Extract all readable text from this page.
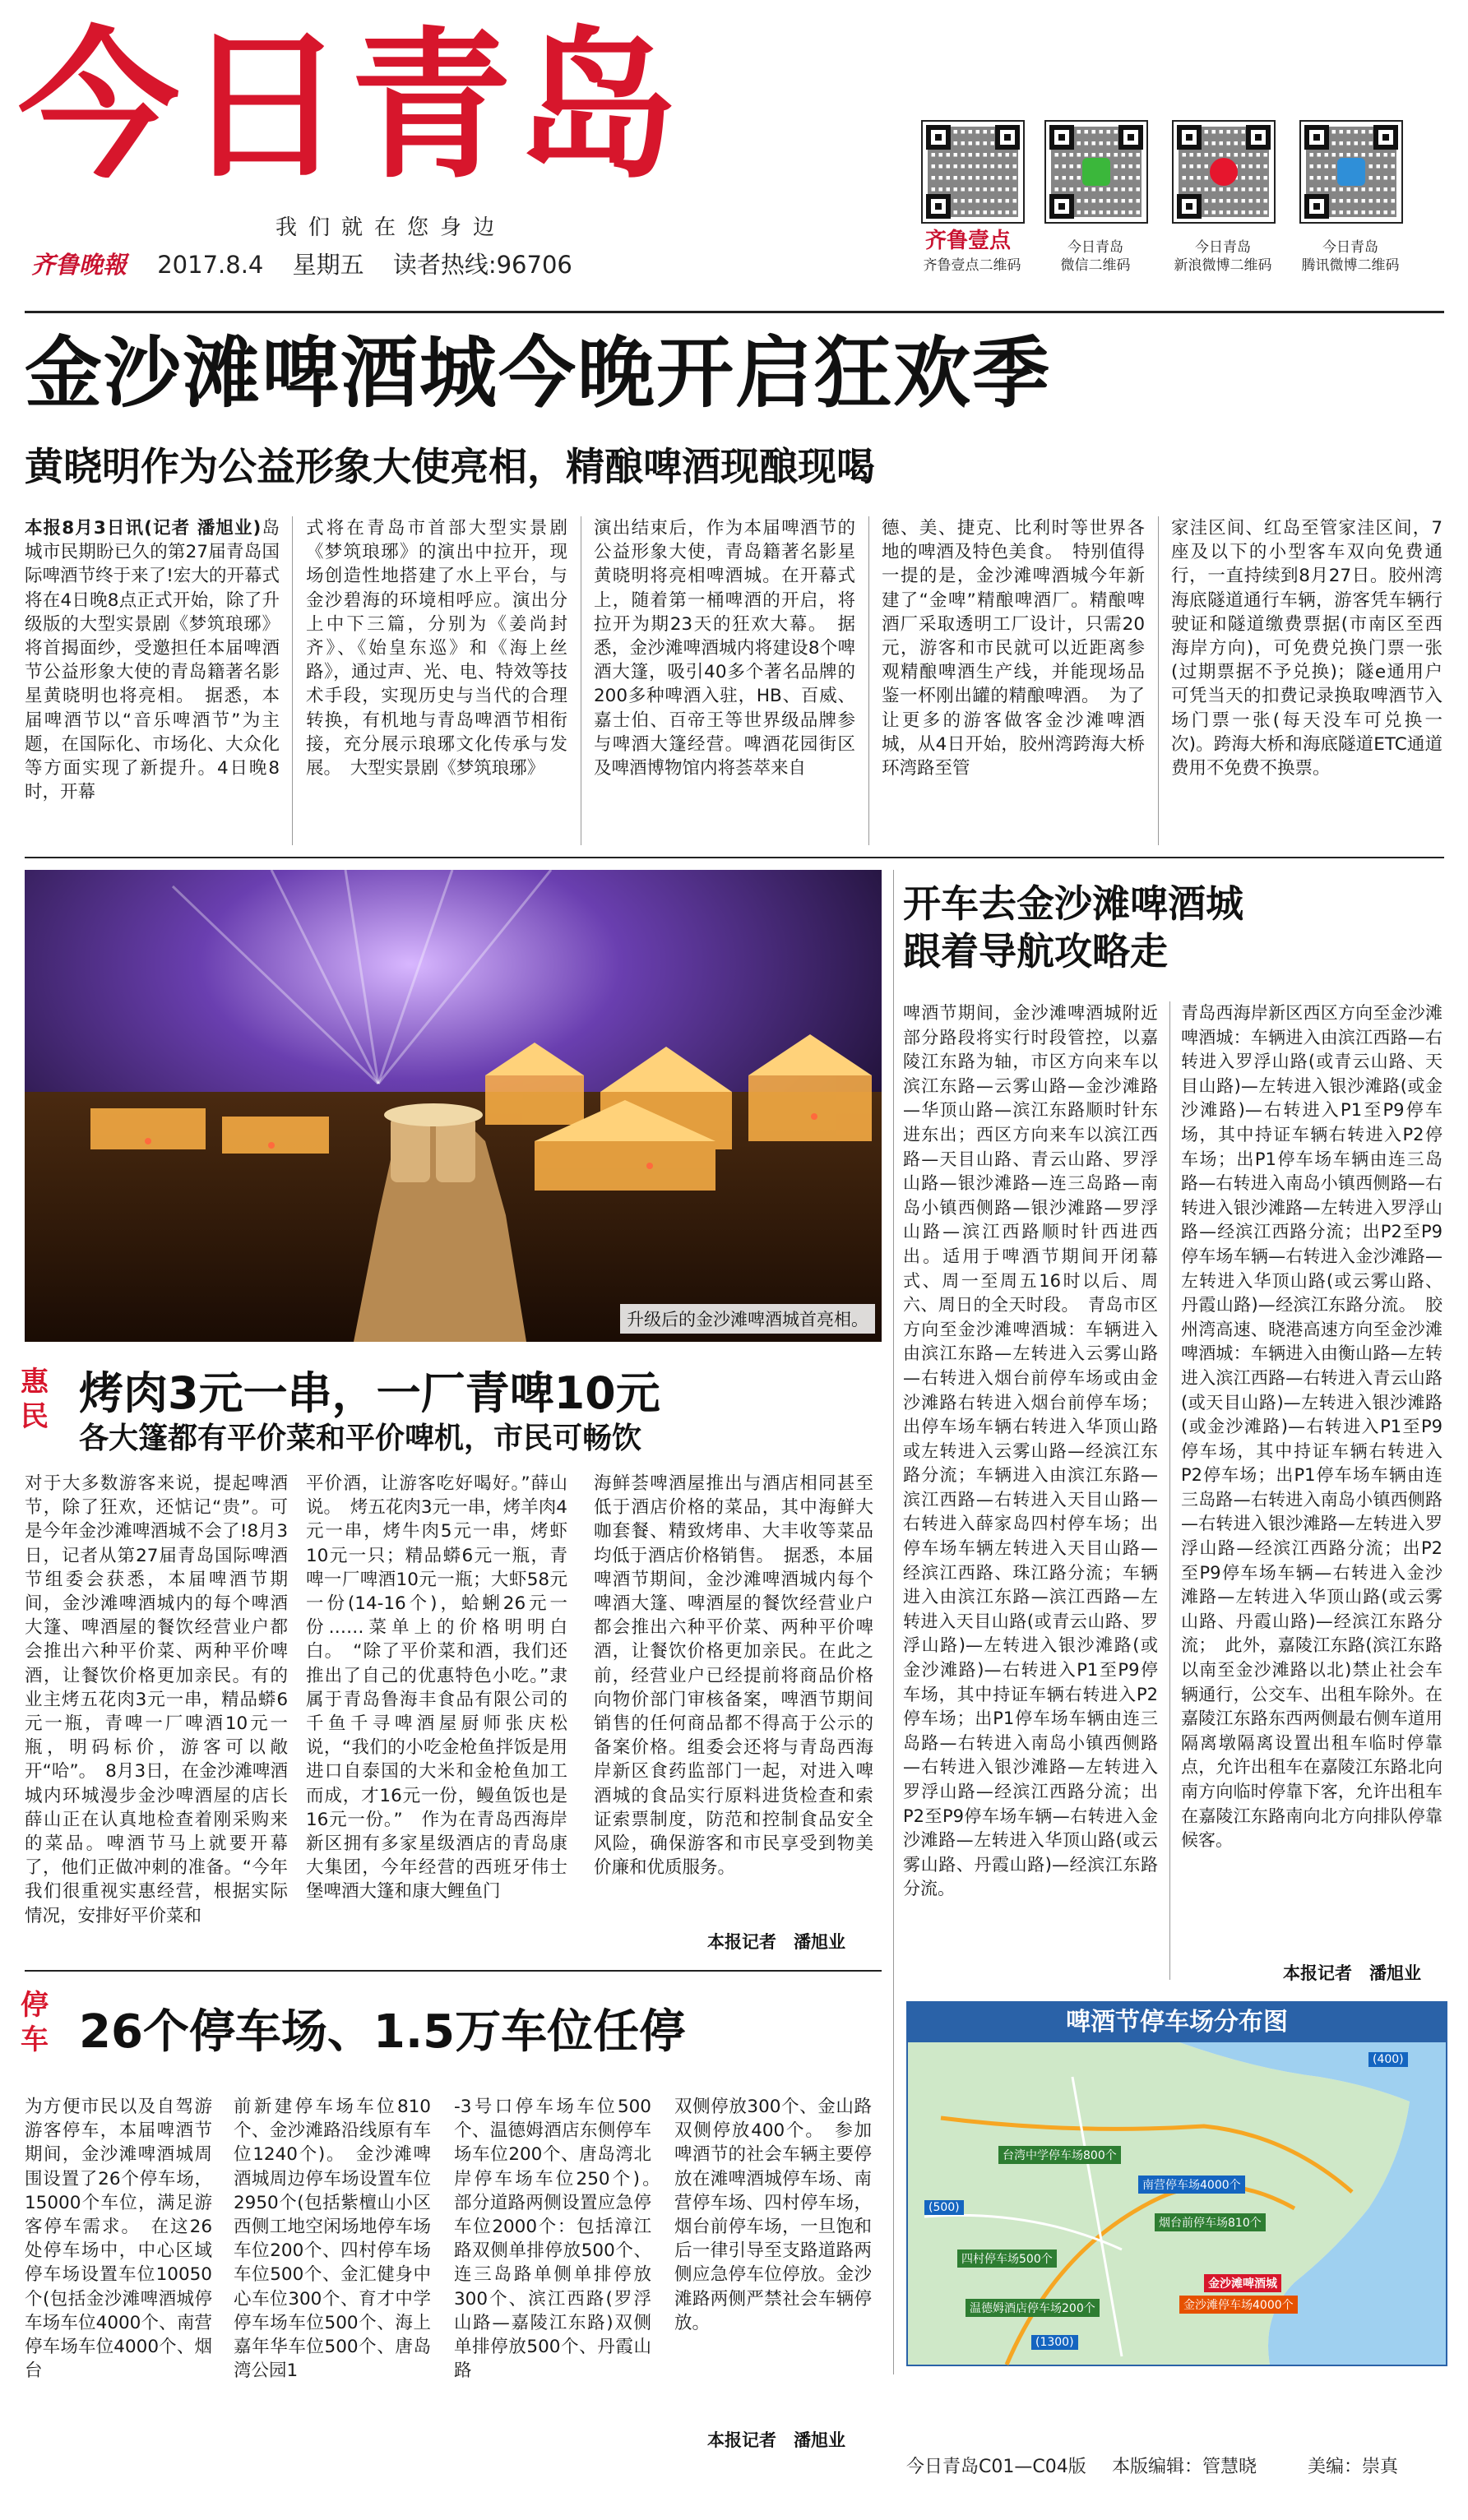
今日青岛
我们就在您身边
齐鲁晚報 2017.8.4 星期五 读者热线:96706
齐鲁壹点
齐鲁壹点二维码
今日青岛
微信二维码
今日青岛
新浪微博二维码
今日青岛
腾讯微博二维码
金沙滩啤酒城今晚开启狂欢季
黄晓明作为公益形象大使亮相，精酿啤酒现酿现喝

本报8月3日讯(记者 潘旭业)岛城市民期盼已久的第27届青岛国际啤酒节终于来了!宏大的开幕式将在4日晚8点正式开始，除了升级版的大型实景剧《梦筑琅琊》将首揭面纱，受邀担任本届啤酒节公益形象大使的青岛籍著名影星黄晓明也将亮相。　据悉，本届啤酒节以“音乐啤酒节”为主题，在国际化、市场化、大众化等方面实现了新提升。4日晚8时，开幕

式将在青岛市首部大型实景剧《梦筑琅琊》的演出中拉开，现场创造性地搭建了水上平台，与金沙碧海的环境相呼应。演出分上中下三篇，分别为《姜尚封齐》、《始皇东巡》和《海上丝路》，通过声、光、电、特效等技术手段，实现历史与当代的合理转换，有机地与青岛啤酒节相衔接，充分展示琅琊文化传承与发展。　大型实景剧《梦筑琅琊》
演出结束后，作为本届啤酒节的公益形象大使，青岛籍著名影星黄晓明将亮相啤酒城。在开幕式上，随着第一桶啤酒的开启，将拉开为期23天的狂欢大幕。　据悉，金沙滩啤酒城内将建设8个啤酒大篷，吸引40多个著名品牌的200多种啤酒入驻，HB、百威、嘉士伯、百帝王等世界级品牌参与啤酒大篷经营。啤酒花园街区及啤酒博物馆内将荟萃来自
德、美、捷克、比利时等世界各地的啤酒及特色美食。　特别值得一提的是，金沙滩啤酒城今年新建了“金啤”精酿啤酒厂。精酿啤酒厂采取透明工厂设计，只需20元，游客和市民就可以近距离参观精酿啤酒生产线，并能现场品鉴一杯刚出罐的精酿啤酒。　为了让更多的游客做客金沙滩啤酒城，从4日开始，胶州湾跨海大桥环湾路至管
家洼区间、红岛至管家洼区间，7座及以下的小型客车双向免费通行，一直持续到8月27日。胶州湾海底隧道通行车辆，游客凭车辆行驶证和隧道缴费票据(市南区至西海岸方向)，可免费兑换门票一张(过期票据不予兑换)；隧e通用户可凭当天的扣费记录换取啤酒节入场门票一张(每天没车可兑换一次)。跨海大桥和海底隧道ETC通道费用不免费不换票。
升级后的金沙滩啤酒城首亮相。
开车去金沙滩啤酒城
跟着导航攻略走
啤酒节期间，金沙滩啤酒城附近部分路段将实行时段管控，以嘉陵江东路为轴，市区方向来车以滨江东路—云雾山路—金沙滩路—华顶山路—滨江东路顺时针东进东出；西区方向来车以滨江西路—天目山路、青云山路、罗浮山路—银沙滩路—连三岛路—南岛小镇西侧路—银沙滩路—罗浮山路—滨江西路顺时针西进西出。适用于啤酒节期间开闭幕式、周一至周五16时以后、周六、周日的全天时段。　青岛市区方向至金沙滩啤酒城：车辆进入由滨江东路—左转进入云雾山路—右转进入烟台前停车场或由金沙滩路右转进入烟台前停车场；出停车场车辆右转进入华顶山路或左转进入云雾山路—经滨江东路分流；车辆进入由滨江东路—滨江西路—右转进入天目山路—右转进入薛家岛四村停车场；出停车场车辆左转进入天目山路—经滨江西路、珠江路分流；车辆进入由滨江东路—滨江西路—左转进入天目山路(或青云山路、罗浮山路)—左转进入银沙滩路(或金沙滩路)—右转进入P1至P9停车场，其中持证车辆右转进入P2停车场；出P1停车场车辆由连三岛路—右转进入南岛小镇西侧路—右转进入银沙滩路—左转进入罗浮山路—经滨江西路分流；出P2至P9停车场车辆—右转进入金沙滩路—左转进入华顶山路(或云雾山路、丹霞山路)—经滨江东路分流。
青岛西海岸新区西区方向至金沙滩啤酒城：车辆进入由滨江西路—右转进入罗浮山路(或青云山路、天目山路)—左转进入银沙滩路(或金沙滩路)—右转进入P1至P9停车场，其中持证车辆右转进入P2停车场；出P1停车场车辆由连三岛路—右转进入南岛小镇西侧路—右转进入银沙滩路—左转进入罗浮山路—经滨江西路分流；出P2至P9停车场车辆—右转进入金沙滩路—左转进入华顶山路(或云雾山路、丹霞山路)—经滨江东路分流。　胶州湾高速、晓港高速方向至金沙滩啤酒城：车辆进入由衡山路—左转进入滨江西路—右转进入青云山路(或天目山路)—左转进入银沙滩路(或金沙滩路)—右转进入P1至P9停车场，其中持证车辆右转进入P2停车场；出P1停车场车辆由连三岛路—右转进入南岛小镇西侧路—右转进入银沙滩路—左转进入罗浮山路—经滨江西路分流；出P2至P9停车场车辆—右转进入金沙滩路—左转进入华顶山路(或云雾山路、丹霞山路)—经滨江东路分流；　此外，嘉陵江东路(滨江东路以南至金沙滩路以北)禁止社会车辆通行，公交车、出租车除外。在嘉陵江东路东西两侧最右侧车道用隔离墩隔离设置出租车临时停靠点，允许出租车在嘉陵江东路北向南方向临时停靠下客，允许出租车在嘉陵江东路南向北方向排队停靠候客。
本报记者　潘旭业
惠民 烤肉3元一串，一厂青啤10元
各大篷都有平价菜和平价啤机，市民可畅饮
对于大多数游客来说，提起啤酒节，除了狂欢，还惦记“贵”。可是今年金沙滩啤酒城不会了!8月3日，记者从第27届青岛国际啤酒节组委会获悉，本届啤酒节期间，金沙滩啤酒城内的每个啤酒大篷、啤酒屋的餐饮经营业户都会推出六种平价菜、两种平价啤酒，让餐饮价格更加亲民。有的业主烤五花肉3元一串，精品蟒6元一瓶，青啤一厂啤酒10元一瓶，明码标价，游客可以敞开“哈”。　8月3日，在金沙滩啤酒城内环城漫步金沙啤酒屋的店长薛山正在认真地检查着刚采购来的菜品。啤酒节马上就要开幕了，他们正做冲刺的准备。“今年我们很重视实惠经营，根据实际情况，安排好平价菜和
平价酒，让游客吃好喝好。”薛山说。　烤五花肉3元一串，烤羊肉4元一串，烤牛肉5元一串，烤虾10元一只；精品蟒6元一瓶，青啤一厂啤酒10元一瓶；大虾58元一份(14-16个)，蛤蜊26元一份……菜单上的价格明明白白。　“除了平价菜和酒，我们还推出了自己的优惠特色小吃。”隶属于青岛鲁海丰食品有限公司的千鱼千寻啤酒屋厨师张庆松说，“我们的小吃金枪鱼拌饭是用进口自泰国的大米和金枪鱼加工而成，才16元一份，鳗鱼饭也是16元一份。”　作为在青岛西海岸新区拥有多家星级酒店的青岛康大集团，今年经营的西班牙伟士堡啤酒大篷和康大鲤鱼门
海鲜荟啤酒屋推出与酒店相同甚至低于酒店价格的菜品，其中海鲜大咖套餐、精致烤串、大丰收等菜品均低于酒店价格销售。　据悉，本届啤酒节期间，金沙滩啤酒城内每个啤酒大篷、啤酒屋的餐饮经营业户都会推出六种平价菜、两种平价啤酒，让餐饮价格更加亲民。在此之前，经营业户已经提前将商品价格向物价部门审核备案，啤酒节期间销售的任何商品都不得高于公示的备案价格。组委会还将与青岛西海岸新区食药监部门一起，对进入啤酒城的食品实行原料进货检查和索证索票制度，防范和控制食品安全风险，确保游客和市民享受到物美价廉和优质服务。
本报记者　潘旭业
停车 26个停车场、1.5万车位任停
为方便市民以及自驾游游客停车，本届啤酒节期间，金沙滩啤酒城周围设置了26个停车场，15000个车位，满足游客停车需求。　在这26处停车场中，中心区域停车场设置车位10050个(包括金沙滩啤酒城停车场车位4000个、南营停车场车位4000个、烟台
前新建停车场车位810个、金沙滩路沿线原有车位1240个)。　金沙滩啤酒城周边停车场设置车位2950个(包括紫檀山小区西侧工地空闲场地停车场车位200个、四村停车场车位500个、金汇健身中心车位300个、育才中学停车场车位500个、海上嘉年华车位500个、唐岛湾公园1
-3号口停车场车位500个、温德姆酒店东侧停车场车位200个、唐岛湾北岸停车场车位250个)。　部分道路两侧设置应急停车位2000个：包括漳江路双侧单排停放500个、连三岛路单侧单排停放300个、滨江西路(罗浮山路—嘉陵江东路)双侧单排停放500个、丹霞山路
双侧停放300个、金山路双侧停放400个。　参加啤酒节的社会车辆主要停放在滩啤酒城停车场、南营停车场、四村停车场，烟台前停车场，一旦饱和后一律引导至支路道路两侧应急停车位停放。金沙滩路两侧严禁社会车辆停放。
本报记者　潘旭业
啤酒节停车场分布图
台湾中学停车场800个
南营停车场4000个
金沙滩啤酒城
金沙滩停车场4000个
烟台前停车场810个
四村停车场500个
温德姆酒店停车场200个
(400)
(500)
(1300)
今日青岛C01—C04版 本版编辑：管慧晓	美编：崇真
